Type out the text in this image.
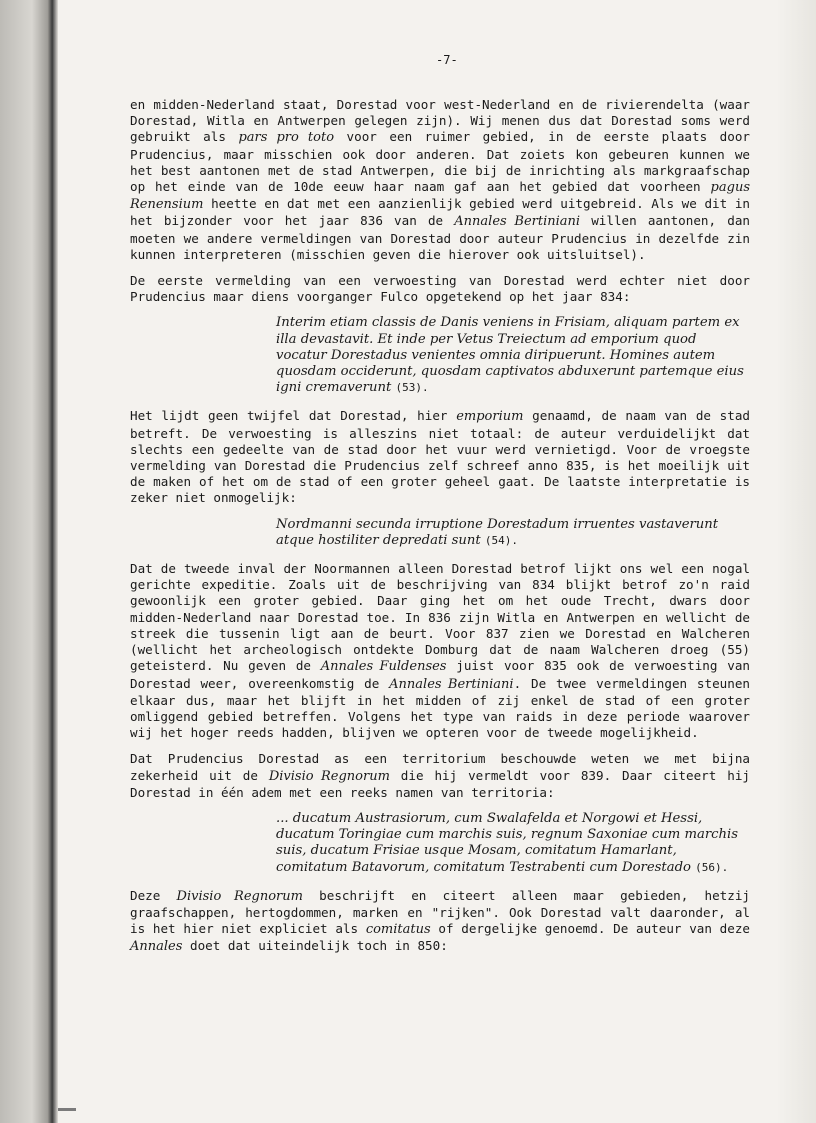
-7-

en midden-Nederland staat, Dorestad voor west-Nederland en de rivierendelta (waar Dorestad, Witla en Antwerpen gelegen zijn). Wij menen dus dat Dorestad soms werd gebruikt als pars pro toto voor een ruimer gebied, in de eerste plaats door Prudencius, maar misschien ook door anderen. Dat zoiets kon gebeuren kunnen we het best aantonen met de stad Antwerpen, die bij de inrichting als markgraafschap op het einde van de 10de eeuw haar naam gaf aan het gebied dat voorheen pagus Renensium heette en dat met een aanzienlijk gebied werd uitgebreid. Als we dit in het bijzonder voor het jaar 836 van de Annales Bertiniani willen aantonen, dan moeten we andere vermeldingen van Dorestad door auteur Prudencius in dezelfde zin kunnen interpreteren (misschien geven die hierover ook uitsluitsel).

De eerste vermelding van een verwoesting van Dorestad werd echter niet door Prudencius maar diens voorganger Fulco opgetekend op het jaar 834:

Interim etiam classis de Danis veniens in Frisiam, aliquam partem ex illa devastavit. Et inde per Vetus Treiectum ad emporium quod vocatur Dorestadus venientes omnia diripuerunt. Homines autem quosdam occiderunt, quosdam captivatos abduxerunt partemque eius igni cremaverunt (53).

Het lijdt geen twijfel dat Dorestad, hier emporium genaamd, de naam van de stad betreft. De verwoesting is alleszins niet totaal: de auteur verduidelijkt dat slechts een gedeelte van de stad door het vuur werd vernietigd. Voor de vroegste vermelding van Dorestad die Prudencius zelf schreef anno 835, is het moeilijk uit de maken of het om de stad of een groter geheel gaat. De laatste interpretatie is zeker niet onmogelijk:

Nordmanni secunda irruptione Dorestadum irruentes vastaverunt atque hostiliter depredati sunt (54).

Dat de tweede inval der Noormannen alleen Dorestad betrof lijkt ons wel een nogal gerichte expeditie. Zoals uit de beschrijving van 834 blijkt betrof zo'n raid gewoonlijk een groter gebied. Daar ging het om het oude Trecht, dwars door midden-Nederland naar Dorestad toe. In 836 zijn Witla en Antwerpen en wellicht de streek die tussenin ligt aan de beurt. Voor 837 zien we Dorestad en Walcheren (wellicht het archeologisch ontdekte Domburg dat de naam Walcheren droeg (55) geteisterd. Nu geven de Annales Fuldenses juist voor 835 ook de verwoesting van Dorestad weer, overeenkomstig de Annales Bertiniani. De twee vermeldingen steunen elkaar dus, maar het blijft in het midden of zij enkel de stad of een groter omliggend gebied betreffen. Volgens het type van raids in deze periode waarover wij het hoger reeds hadden, blijven we opteren voor de tweede mogelijkheid.

Dat Prudencius Dorestad as een territorium beschouwde weten we met bijna zekerheid uit de Divisio Regnorum die hij vermeldt voor 839. Daar citeert hij Dorestad in één adem met een reeks namen van territoria:

... ducatum Austrasiorum, cum Swalafelda et Norgowi et Hessi, ducatum Toringiae cum marchis suis, regnum Saxoniae cum marchis suis, ducatum Frisiae usque Mosam, comitatum Hamarlant, comitatum Batavorum, comitatum Testrabenti cum Dorestado (56).

Deze Divisio Regnorum beschrijft en citeert alleen maar gebieden, hetzij graafschappen, hertogdommen, marken en "rijken". Ook Dorestad valt daaronder, al is het hier niet expliciet als comitatus of dergelijke genoemd. De auteur van deze Annales doet dat uiteindelijk toch in 850:
